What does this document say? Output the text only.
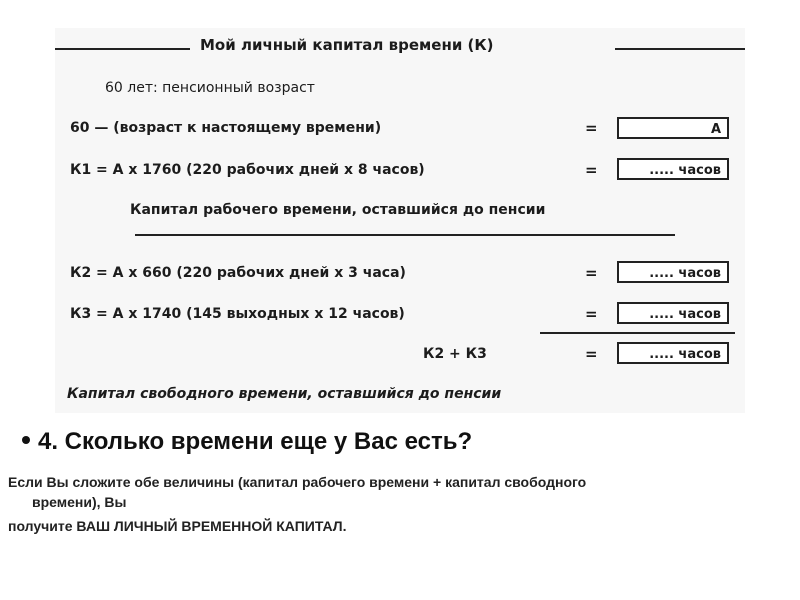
Мой личный капитал времени (К)
60 лет: пенсионный возраст
60 — (возраст к настоящему времени)	=	А
К1 = А х 1760 (220 рабочих дней х 8 часов)	=	..... часов
Капитал рабочего времени, оставшийся до пенсии
К2 = А х 660 (220 рабочих дней х 3 часа)	=	..... часов
К3 = А х 1740 (145 выходных х 12 часов)	=	..... часов
К2 + К3	=	..... часов
Капитал свободного времени, оставшийся до пенсии
4. Сколько времени еще у Вас есть?
Если Вы сложите обе величины (капитал рабочего времени + капитал свободного
времени), Вы
получите ВАШ ЛИЧНЫЙ ВРЕМЕННОЙ КАПИТАЛ.
